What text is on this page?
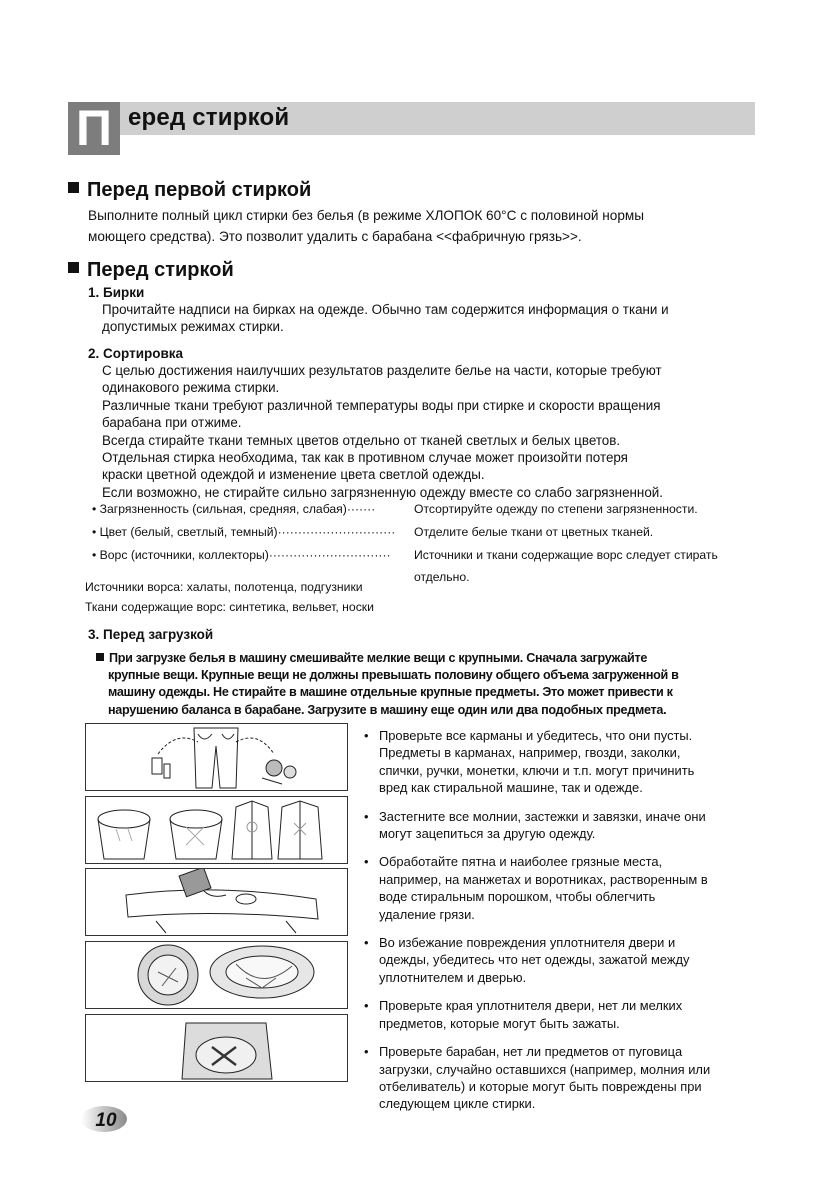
П еред стиркой
Перед первой стиркой
Выполните полный цикл стирки без белья (в режиме ХЛОПОК 60°C с половиной нормы
моющего средства). Это позволит удалить с барабана <<фабричную грязь>>.
Перед стиркой
1. Бирки
Прочитайте надписи на бирках на одежде. Обычно там содержится информация о ткани и
допустимых режимах стирки.
2. Сортировка
С целью достижения наилучших результатов разделите белье на части, которые требуют
одинакового режима стирки.
Различные ткани требуют различной температуры воды при стирке и скорости вращения
барабана при отжиме.
Всегда стирайте ткани темных цветов отдельно от тканей светлых и белых цветов.
Отдельная стирка необходима, так как в противном случае может произойти потеря
краски цветной одеждой и изменение цвета светлой одежды.
Если возможно, не стирайте сильно загрязненную одежду вместе со слабо загрязненной.
• Загрязненность (сильная, средняя, слабая)·······	Отсортируйте одежду по степени загрязненности.
• Цвет (белый, светлый, темный)····························· Отделите белые ткани от цветных тканей.
• Ворс (источники, коллекторы)······························ Источники и ткани содержащие ворс следует стирать
отдельно.
Источники ворса: халаты, полотенца, подгузники
Ткани содержащие ворс: синтетика, вельвет, носки
3. Перед загрузкой
При загрузке белья в машину смешивайте мелкие вещи с крупными. Сначала загружайте
крупные вещи. Крупные вещи не должны превышать половину общего объема загруженной в
машину одежды. Не стирайте в машине отдельные крупные предметы. Это может привести к
нарушению баланса в барабане. Загрузите в машину еще один или два подобных предмета.
• Проверьте все карманы и убедитесь, что они пусты.
Предметы в карманах, например, гвозди, заколки,
спички, ручки, монетки, ключи и т.п. могут причинить
вред как стиральной машине, так и одежде.
• Застегните все молнии, застежки и завязки, иначе они
могут зацепиться за другую одежду.
• Обработайте пятна и наиболее грязные места,
например, на манжетах и воротниках, растворенным в
воде стиральным порошком, чтобы облегчить
удаление грязи.
• Во избежание повреждения уплотнителя двери и
одежды, убедитесь что нет одежды, зажатой между
уплотнителем и дверью.
• Проверьте края уплотнителя двери, нет ли мелких
предметов, которые могут быть зажаты.
• Проверьте барабан, нет ли предметов от пуговица
загрузки, случайно оставшихся (например, молния или
отбеливатель) и которые могут быть повреждены при
следующем цикле стирки.
10
